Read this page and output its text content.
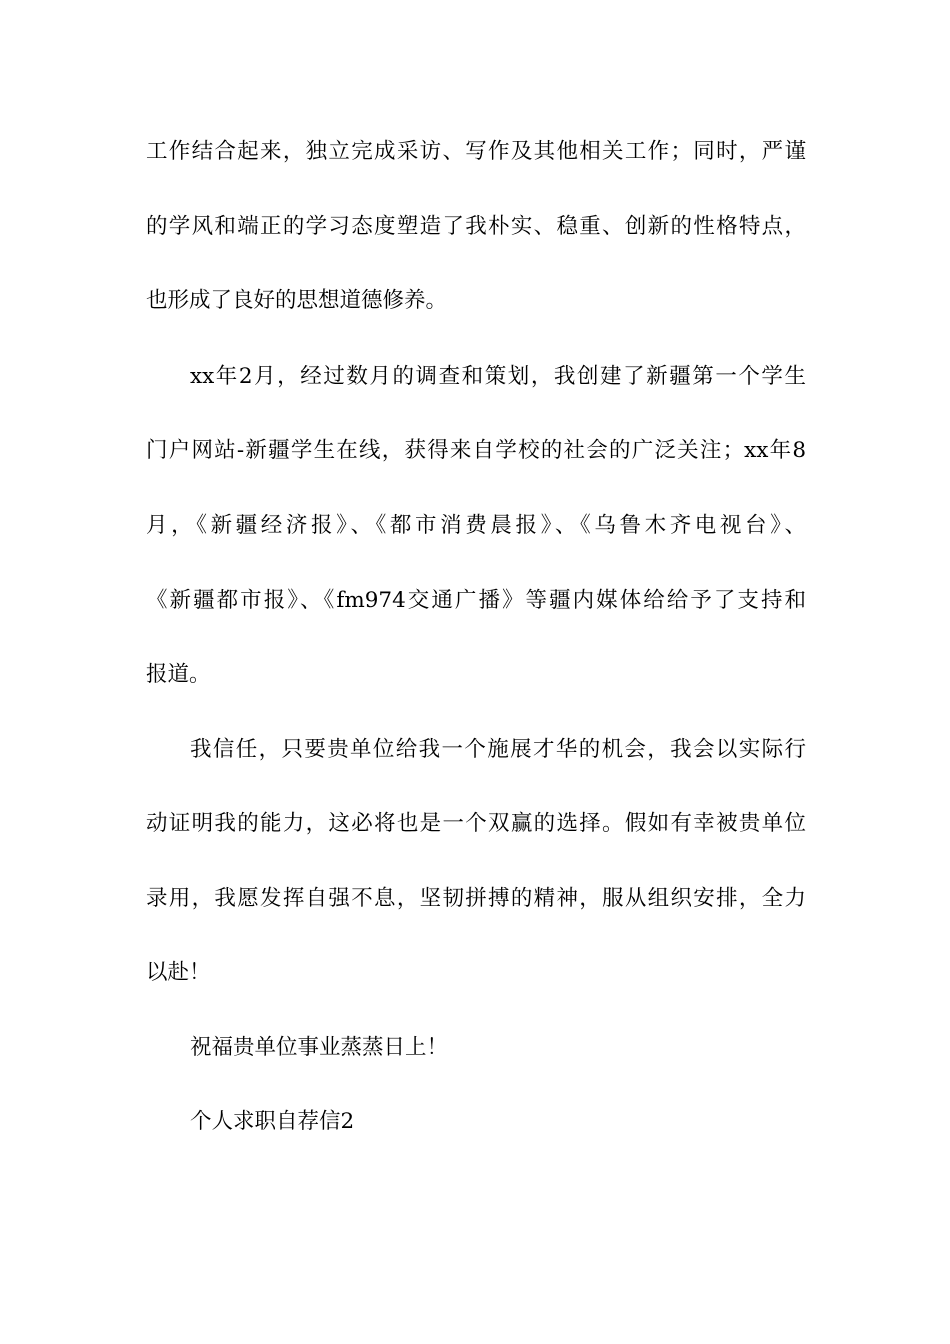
工作结合起来，独立完成采访、写作及其他相关工作；同时，严谨
的学风和端正的学习态度塑造了我朴实、稳重、创新的性格特点，
也形成了良好的思想道德修养。
xx年2月，经过数月的调查和策划，我创建了新疆第一个学生
门户网站-新疆学生在线，获得来自学校的社会的广泛关注；xx年8
月，《新疆经济报》、《都市消费晨报》、《乌鲁木齐电视台》、
《新疆都市报》、《fm974交通广播》等疆内媒体给给予了支持和
报道。
我信任，只要贵单位给我一个施展才华的机会，我会以实际行
动证明我的能力，这必将也是一个双赢的选择。假如有幸被贵单位
录用，我愿发挥自强不息，坚韧拼搏的精神，服从组织安排，全力
以赴！
祝福贵单位事业蒸蒸日上！
个人求职自荐信2
